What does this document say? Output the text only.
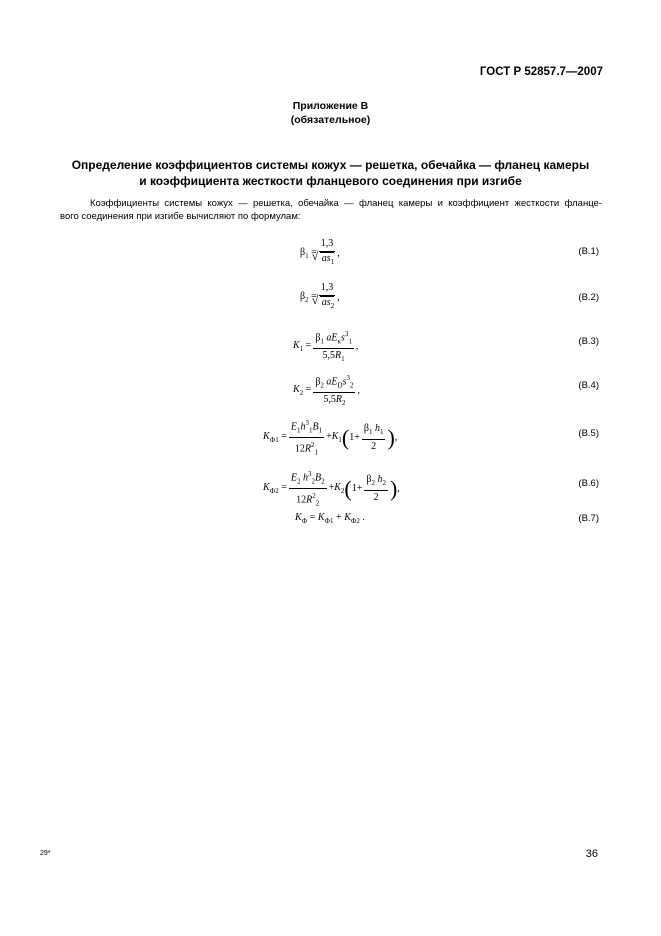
ГОСТ Р 52857.7—2007
Приложение В
(обязательное)
Определение коэффициентов системы кожух — решетка, обечайка — фланец камеры
и коэффициента жесткости фланцевого соединения при изгибе
Коэффициенты системы кожух — решетка, обечайка — фланец камеры и коэффициент жесткости фланце-
вого соединения при изгибе вычисляют по формулам:
$\beta_1 = 1,3$
√ $as_1$ ,	(В.1)
$\beta_2 = 1,3$
√ $as_2$ ,	(В.2)
$K_1 = \frac{\beta_1 aE_кs^3_1}{5,5R_1}$ ,	(В.3)
$K_2 = \frac{\beta_2 aE_Ds^3_2}{5,5R_2}$ ,	(В.4)
$K_{Ф1} = \frac{E_1h^3_1B_1}{12R^2_1} +K_1$ ( $1+ \frac{\beta_1 h_1}{2}$ ) ,	(В.5)
$K_{Ф2} = \frac{E_2 h^3_2B_2}{12R^2_2} +K_2$ ( $1+ \frac{\beta_2 h_2}{2}$ ) ,	(В.6)
$K_Ф = K_{Ф1} + K_{Ф2}$ .	(В.7)
29*	36
